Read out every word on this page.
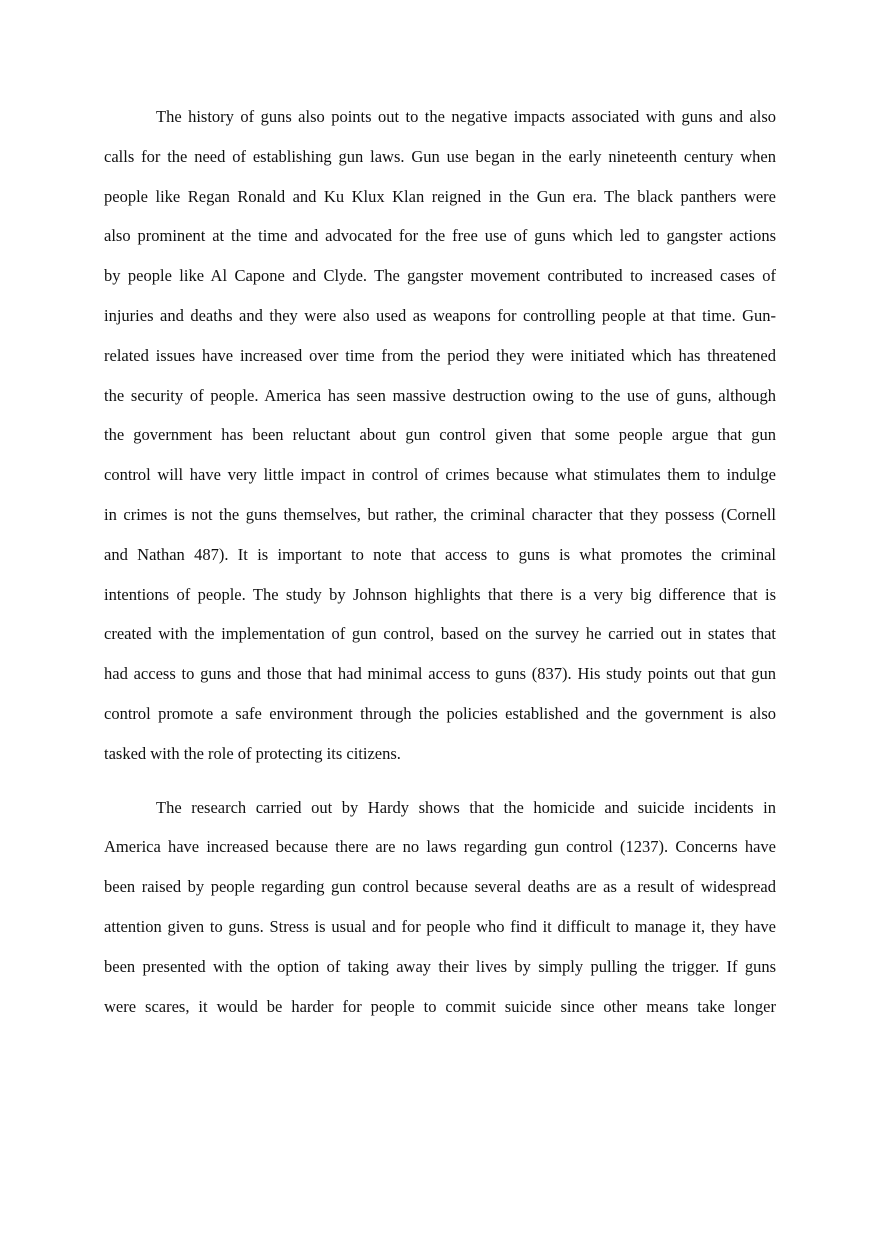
The history of guns also points out to the negative impacts associated with guns and also
calls for the need of establishing gun laws. Gun use began in the early nineteenth century when
people like Regan Ronald and Ku Klux Klan reigned in the Gun era. The black panthers were
also prominent at the time and advocated for the free use of guns which led to gangster actions
by people like Al Capone and Clyde. The gangster movement contributed to increased cases of
injuries and deaths and they were also used as weapons for controlling people at that time. Gun-
related issues have increased over time from the period they were initiated which has threatened
the security of people. America has seen massive destruction owing to the use of guns, although
the government has been reluctant about gun control given that some people argue that gun
control will have very little impact in control of crimes because what stimulates them to indulge
in crimes is not the guns themselves, but rather, the criminal character that they possess (Cornell
and Nathan 487). It is important to note that access to guns is what promotes the criminal
intentions of people. The study by Johnson highlights that there is a very big difference that is
created with the implementation of gun control, based on the survey he carried out in states that
had access to guns and those that had minimal access to guns (837). His study points out that gun
control promote a safe environment through the policies established and the government is also
tasked with the role of protecting its citizens.
The research carried out by Hardy shows that the homicide and suicide incidents in
America have increased because there are no laws regarding gun control (1237). Concerns have
been raised by people regarding gun control because several deaths are as a result of widespread
attention given to guns. Stress is usual and for people who find it difficult to manage it, they have
been presented with the option of taking away their lives by simply pulling the trigger. If guns
were scares, it would be harder for people to commit suicide since other means take longer
